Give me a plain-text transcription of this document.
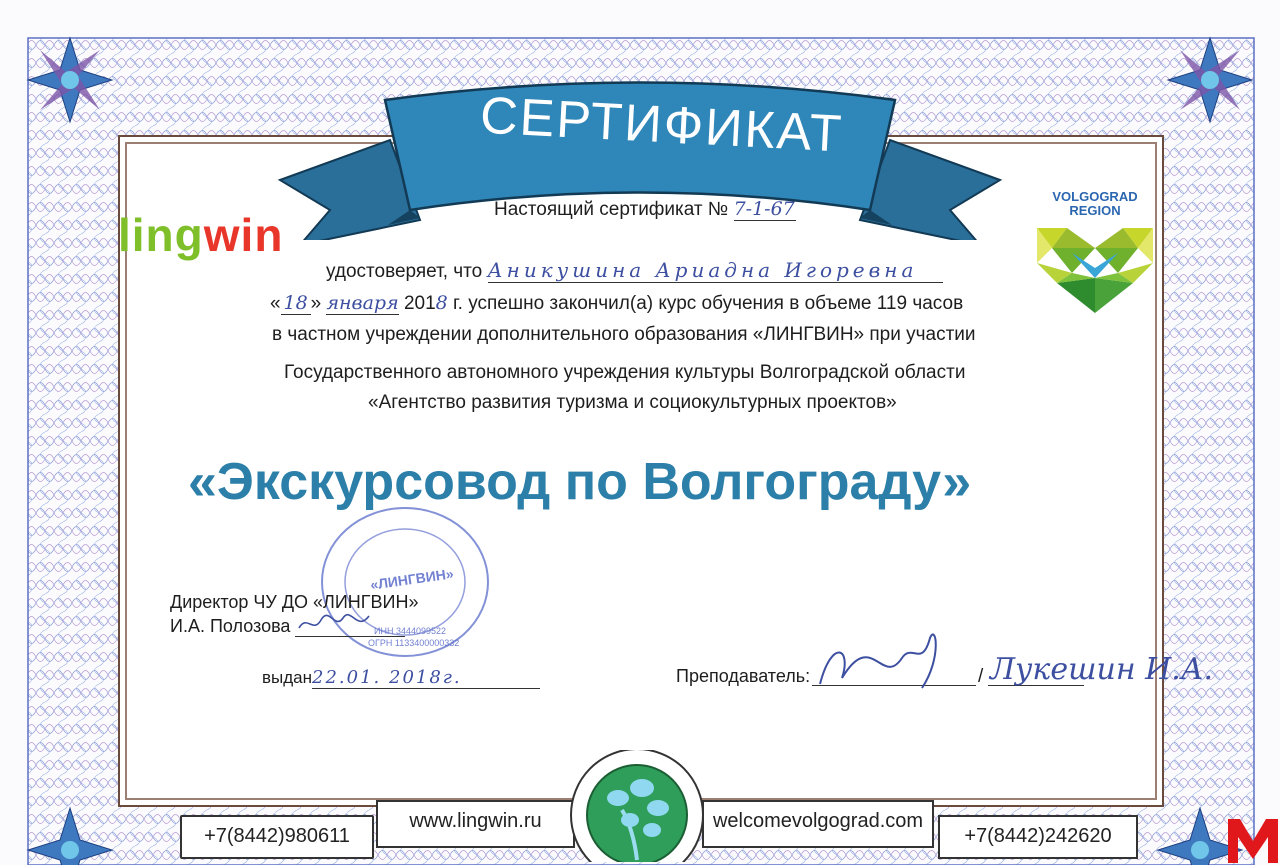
СЕРТИФИКАТ
lingwin
VOLGOGRAD
REGION
Настоящий сертификат № 7-1-67
удостоверяет, что Аникушина Ариадна Игоревна
« 18 » января 2018 г. успешно закончил(а) курс обучения в объеме 119 часов
в частном учреждении дополнительного образования «ЛИНГВИН» при участии
Государственного автономного учреждения культуры Волгоградской области
«Агентство развития туризма и социокультурных проектов»
«ЛИНГВИН»
ИНН 3444099522
ОГРН 1133400000332
«Экскурсовод по Волгограду»
Директор ЧУ ДО «ЛИНГВИН»
И.А. Полозова
выдан22.01. 2018г.	Преподаватель:	/ Лукешин И.А.
+7(8442)980611
www.lingwin.ru	welcomevolgograd.com
+7(8442)242620
